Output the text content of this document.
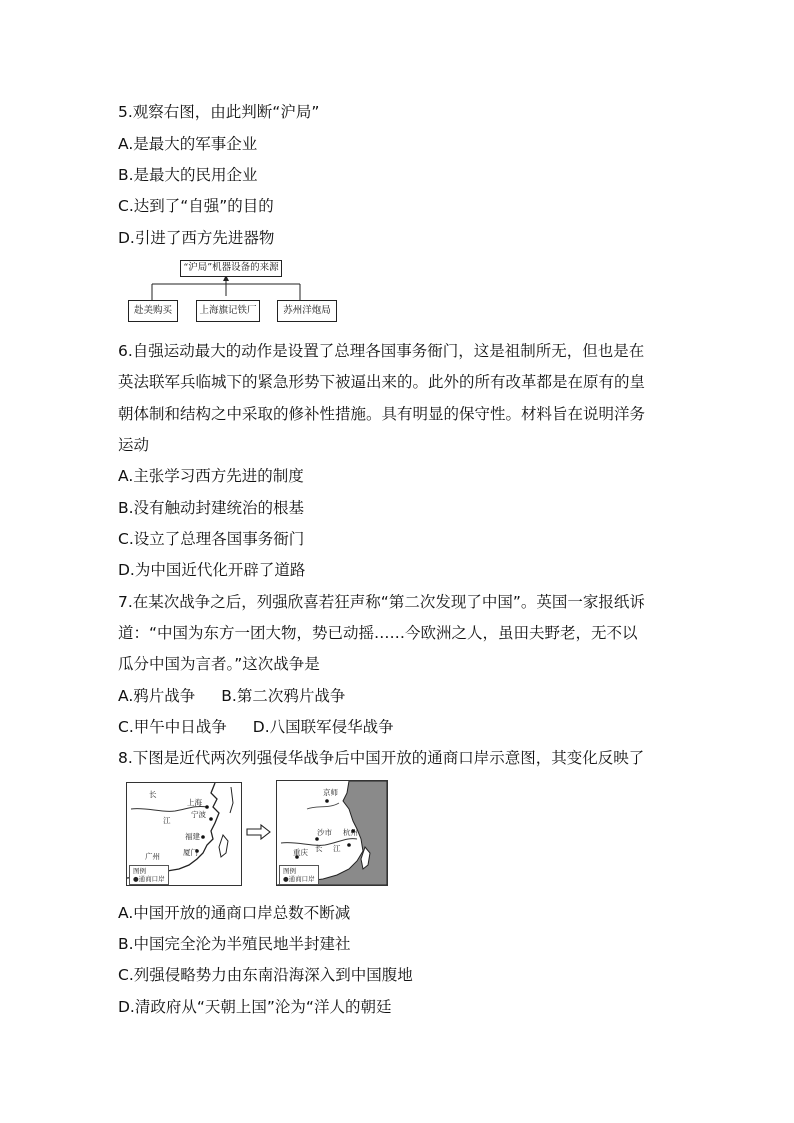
5.观察右图，由此判断“沪局”
A.是最大的军事企业
B.是最大的民用企业
C.达到了“自强”的目的
D.引进了西方先进器物
“沪局”机器设备的来源
赴美购买	上海旗记铁厂	苏州洋炮局
6.自强运动最大的动作是设置了总理各国事务衙门，这是祖制所无，但也是在
英法联军兵临城下的紧急形势下被逼出来的。此外的所有改革都是在原有的皇
朝体制和结构之中采取的修补性措施。具有明显的保守性。材料旨在说明洋务
运动
A.主张学习西方先进的制度
B.没有触动封建统治的根基
C.设立了总理各国事务衙门
D.为中国近代化开辟了道路
7.在某次战争之后，列强欣喜若狂声称“第二次发现了中国”。英国一家报纸诉
道：“中国为东方一团大物，势已动摇……今欧洲之人，虽田夫野老，无不以
瓜分中国为言者。”这次战争是
A.鸦片战争 B.第二次鸦片战争
C.甲午中日战争 D.八国联军侵华战争
8.下图是近代两次列强侵华战争后中国开放的通商口岸示意图，其变化反映了
长
上海
宁波
江
福建
厦门
广州
图例
●通商口岸
京师
沙市
长 江
杭州
重庆
图例
●通商口岸
A.中国开放的通商口岸总数不断减
B.中国完全沦为半殖民地半封建社
C.列强侵略势力由东南沿海深入到中国腹地
D.清政府从“天朝上国”沦为“洋人的朝廷
